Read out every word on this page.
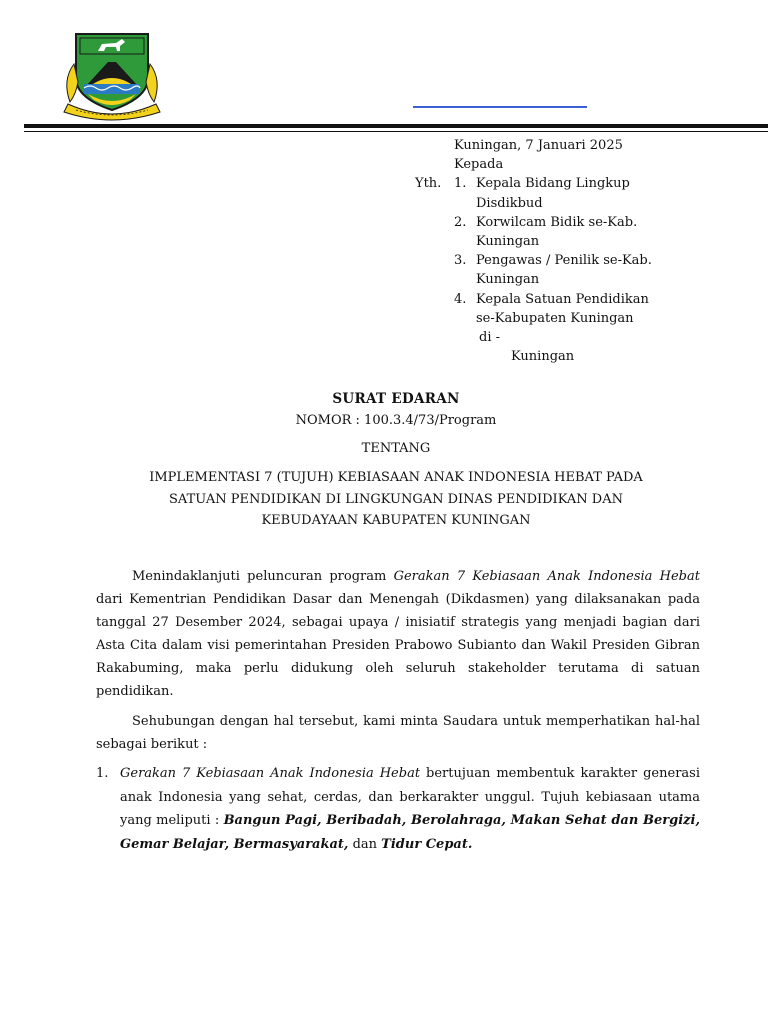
Kuningan, 7 Januari 2025
Kepada
Yth. 1. Kepala Bidang Lingkup
Disdikbud
2. Korwilcam Bidik se-Kab.
Kuningan
3. Pengawas / Penilik se-Kab.
Kuningan
4. Kepala Satuan Pendidikan
se-Kabupaten Kuningan
di -
Kuningan
SURAT EDARAN
NOMOR : 100.3.4/73/Program
TENTANG
IMPLEMENTASI 7 (TUJUH) KEBIASAAN ANAK INDONESIA HEBAT PADA
SATUAN PENDIDIKAN DI LINGKUNGAN DINAS PENDIDIKAN DAN
KEBUDAYAAN KABUPATEN KUNINGAN
Menindaklanjuti peluncuran program Gerakan 7 Kebiasaan Anak Indonesia Hebat dari Kementrian Pendidikan Dasar dan Menengah (Dikdasmen) yang dilaksanakan pada tanggal 27 Desember 2024, sebagai upaya / inisiatif strategis yang menjadi bagian dari Asta Cita dalam visi pemerintahan Presiden Prabowo Subianto dan Wakil Presiden Gibran Rakabuming, maka perlu didukung oleh seluruh stakeholder terutama di satuan pendidikan.
Sehubungan dengan hal tersebut, kami minta Saudara untuk memperhatikan hal-hal sebagai berikut :
1. Gerakan 7 Kebiasaan Anak Indonesia Hebat bertujuan membentuk karakter generasi anak Indonesia yang sehat, cerdas, dan berkarakter unggul. Tujuh kebiasaan utama yang meliputi : Bangun Pagi, Beribadah, Berolahraga, Makan Sehat dan Bergizi, Gemar Belajar, Bermasyarakat, dan Tidur Cepat.
